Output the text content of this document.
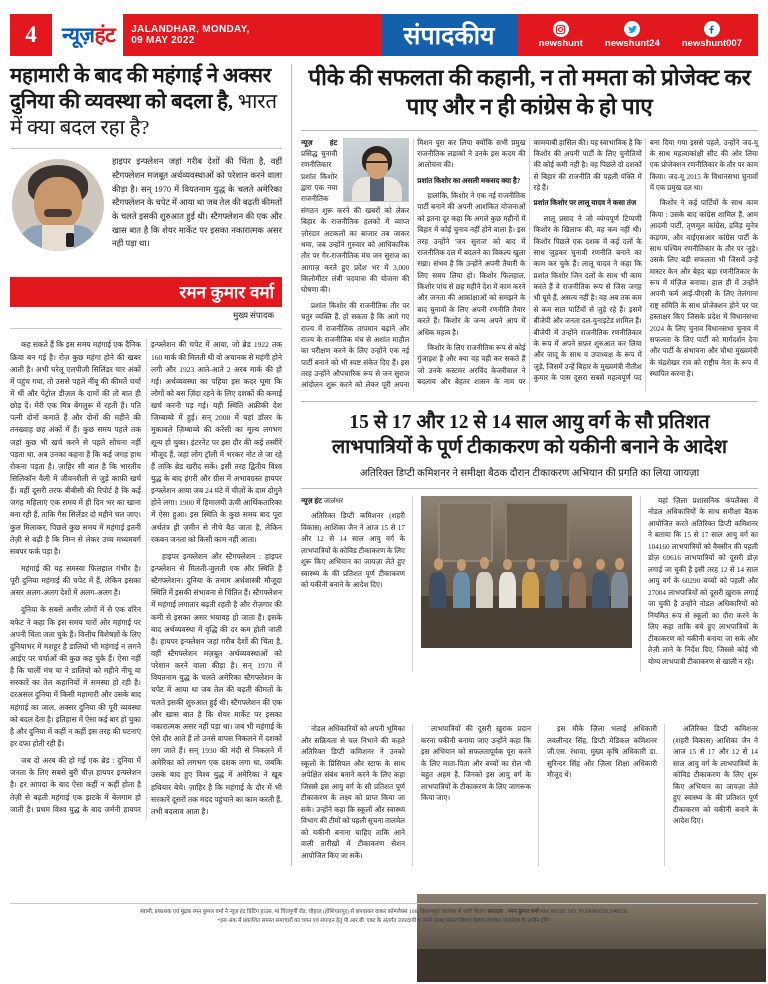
4	न्यूज़हंट JALANDHAR, MONDAY,
09 MAY 2022	संपादकीय	newshunt newshunt24 newshunt007
महामारी के बाद की महंगाई ने अक्सर दुनिया की व्यवस्था को बदला है, भारत में क्या बदल रहा है?
हाइपर इन्फ्लेशन जहां गरीब देशों की चिंता है, वहीं स्टैगफ्लेशन मजबूत अर्थव्यवस्थाओं को परेशान करने वाला कीड़ा है। सन् 1970 में वियतनाम युद्ध के चलते अमेरिका स्टैगफ्लेशन के चपेट में आया था जब तेल की बढ़ती कीमतों के चलते इसकी शुरुआत हुई थी। स्टैगफ्लेशन की एक और खास बात है कि शेयर मार्केट पर इसका नकारात्मक असर नहीं पड़ा था।
रमन कुमार वर्मा
मुख्य संपादक

कह सकते हैं कि इस समय महंगाई एक दैनिक क्रिया बन गई है। रोज़ कुछ महंगा होने की खबर आती है। अभी घरेलू एलपीजी सिलिंडर चार अंकों में पहुंच गया, तो उससे पहले नींबू की कीमतें चर्चा में थीं और पेट्रोल डीज़ल के दामों की तो बात ही छोड़ दें। मेरी एक मित्र बेंगलुरू में रहती हैं। पति पत्नी दोनों कमाते हैं और दोनों की महीने की तनख्वाह छह अंकों में हैं। कुछ समय पहले तक जहां कुछ भी खर्च करने से पहले सोचना नहीं पड़ता था, अब उनका कहना है कि कई जगह हाथ रोकना पड़ता है। ज़ाहिर सी बात है कि भारतीय सिलिकॉन वैली में जीवनशैली से जुड़े काफ़ी खर्च हैं। वहीं दूसरी तरफ बीबीसी की रिपोर्ट है कि कई जगह महिलाएं एक समय में ही दिन भर का खाना बना रही हैं, ताकि गैस सिलेंडर दो महीने चल जाए। कुल मिलाकर, पिछले कुछ समय में महंगाई इतनी तेज़ी से बढ़ी है कि निम्न से लेकर उच्च मध्यमवर्ग सबपर फर्क पड़ा है।

महंगाई की यह समस्या फिलहाल गंभीर है। पूरी दुनिया महंगाई की चपेट में हैं, लेकिन इसका असर अलग-अलग देशों में अलग-अलग है।

दुनिया के सबसे अमीर लोगों में से एक वॉरेन बफेट ने कहा कि इस समय चारों ओर महंगाई पर अपनी चिंता जता चुके हैं। वित्तीय विशेषज्ञों के लिए दुनियाभर में मशहूर है डालियो भी महंगाई न लगने आईए पर चर्चाओं की कुछ कह चुके हैं। ऐसा नहीं है कि चालीं मंच या ने डालियो को महीने नीचू या सरकारें का तेल कहानियों में समस्या हो रही है। दरअसल दुनिया में किसी महामारी और उसके बाद महंगाई का जाल, अक्सर दुनिया की पूरी व्यवस्था को बदल देता है। इतिहास में ऐसा कई बार हो चुका है और दुनिया में कहीं न कहीं इस तरह की घटनाएं हर दफा होती रही हैं।

जब दो अरब की हो गई एक ब्रेड : दुनिया में जनता के लिए सबसे बुरी चीज़ हायपर इन्फ्लेशन है। हर आपदा के बाद ऐसा कहीं न कहीं होता है तेज़ी से बढ़ती महंगाई एक झटके में बेलगाम हो जाती है। प्रथम विश्व युद्ध के बाद जर्मनी हायपर इन्फ्लेशन की चपेट में आया, जो ब्रेड 1922 तक 160 मार्क की मिलती थी वो अचानक से महंगी होने लगी और 1923 आते-आते 2 अरब मार्क की हो गई। अर्थव्यवस्था का पहिया इस कदर घूमा कि लोगों को बस ज़िंदा रहने के लिए दशकों की कमाई खर्च करनी पड़ गई। यही स्थिति अफ्रीकी देश जिम्बाब्वे में हुई। सन् 2008 में यहां डॉलर के मुकाबले ज़िम्बाब्वे की करेंसी का मूल्य लगभग शून्य हो चुका। इंटरनेट पर इस दौर की कई तस्वीरें मौजूद हैं, जहां लोग ट्रॉली में भरकर नोट ले जा रहे हैं ताकि ब्रेड खरीद सकें। इसी तरह द्वितीय विश्व युद्ध के बाद हंगरी और ग्रीस में अभावग्रस्त हायपर इन्फ्लेशन आया जब 24 घंटे में चीज़ों के दाम दोगुने होने लगा। 1900 में हिमालयी ऊंची आर्थिकतारिका में ऐसा हुआ। इस स्थिति के कुछ समय बाद पूरा अर्थतंत्र ही ज़मीन से नीचे बैठ जाता है, लेकिन रकबन जनता को किसी काम नहीं आता।

हाइपर इन्फ्लेशन और स्टैगफ्लेशन : हाइपर इन्फ्लेशन से मिलती-जुलती एक और स्थिति है स्टैगफ्लेशन। दुनिया के तमाम अर्थशास्त्री मौजूदा स्थिति में इसकी संभावना से चिंतित हैं। स्टैगफ्लेशन में महंगाई लगातार बढ़ती रहती है और रोज़गार की कमी से इसका असर भयावह हो जाता है। इसके बाद अर्थव्यवस्था में वृद्धि की दर कम होती जाती है। हायपर इन्फ्लेशन जहां गरीब देशों की चिंता है, वहीं स्टैगफ्लेशन मज़बूत अर्थव्यवस्थाओं को परेशान करने वाला कीड़ा है। सन् 1970 में वियतनाम युद्ध के चलते अमेरिका स्टैगफ्लेशन के चपेट में आया था जब तेल की बढ़ती कीमतों के चलते इसकी शुरुआत हुई थी। स्टैगफ्लेशन की एक और खास बात है कि शेयर मार्केट पर इसका नकारात्मक असर नहीं पड़ा था। जब भी महंगाई के ऐसे दौर आते हैं तो उनसे वापस निकलने में दशकों लग जाते हैं। सन् 1930 की मंदी से निकलने में अमेरिका को लगभग एक दशक लगा था, जबकि उसके बाद हुए विश्व युद्ध में अमेरिका ने खूब हथियार बेचे। ज़ाहिर है कि महंगाई के दौर में भी सरकारें दूसरों तक मदद पहुंचाने का काम करती हैं, तभी बदलाव आता है।

पीके की सफलता की कहानी, न तो ममता को प्रोजेक्ट कर पाए और न ही कांग्रेस के हो पाए

न्यूज़ हंट प्रसिद्ध चुनावी रणनीतिकार प्रशांत किशोर द्वारा एक नया राजनीतिक संगठन शुरू करने की खबरों को लेकर बिहार के राजनीतिक हलकों में व्याप्त ज़ोरदार अटकलों का बाजार तब जाकर थमा, जब उन्होंने गुरुवार को आधिकारिक तौर पर गैर-राजनीतिक मंच जन सुराज का आगाज़ करते हुए प्रदेश भर में 3,000 किलोमीटर लंबी पदयात्रा की योजना की घोषणा की।

प्रशांत किशोर की राजनीतिक तौर पर चतुर व्यक्ति हैं, हो सकता है कि आगे गए राज्य में राजनीतिक तापमान बढ़ाने और राज्य के राजनीतिक मंच से अशांत माहौल का परीक्षण करने के लिए उन्होंने एक नई पार्टी बनाने को भी स्पष्ट संकेत दिए हैं। इस तरह उन्होंने औपचारिक रूप से जन सुराज आंदोलन शुरू करने को लेकर पूरी अपना मिशन पूरा कर लिया क्योंकि सभी प्रमुख राजनीतिक लड़ाकों ने उनके इस कदम की आलोचना की।

प्रशांत किशोर का असली मकसद क्या है?

हालांकि, किशोर ने एक नई राजनीतिक पार्टी बनाने की अपनी आशंकित योजनाओं को इतना दूर कहा कि अगले कुछ महीनों में बिहार में कोई चुनाव नहीं होने वाला है। इस तरह उन्होंने 'जन सुराज' को बाद में राजनीतिक दल में बदलने का विकल्प खुला रखा। संभव है कि उन्होंने अपनी तैयारी के लिए समय लिया हो। किशोर फिलहाल, किशोर पांच से छह महीने देश में काम करने और जनता की आकांक्षाओं को समझने के बाद चुनावों के लिए अपनी रणनीति तैयार करते हैं। किशोर के जन्म अपने आप में अधिक महत्व है।

किशोर के लिए राजनीतिक रूप से कोई गुंजाइश है और क्या वह वही कर सकते हैं जो उनके कस्टमर अरविंद केजरीवाल ने बदलाव और बेहतर शासन के नाम पर कामयाबी हासिल की। यह स्वाभाविक है कि किशोर की अपनी पार्टी के लिए चुनौतियों की कोई कमी नहीं है। वह पिछले दो दशकों से बिहार की राजनीति की पहली पंक्ति में रहे हैं।

प्रशांत किशोर पर लालू यादव ने कसा तंज

लालू प्रसाद ने जो व्यंग्यपूर्ण टिप्पणी किशोर के खिलाफ की, वह कम नहीं थी। किशोर पिछले एक दशक में कई दलों के साथ जुड़कर चुनावी रणनीति बनाने का काम कर चुके हैं। लालू यादव ने कहा कि प्रशांत किशोर जिन दलों के साथ भी काम करते हैं वे राजनीतिक रूप से जिस जगह भी घूमे हैं, असत्य नहीं है। वह अब तक कम से कम सात पार्टियों से जुड़े रहे हैं। इसमें बीजेपी और जनता दल-युनाइटेड शामिल हैं। बीजेपी में उन्होंने राजनीतिक रणनीतिकार के रूप में अपने सफ़र शुरुआत कर लिया और जादू के साथ व उपाध्यक्ष के रूप में जुड़े, जिसमें उन्हें बिहार के मुख्यमंत्री नीतीश कुमार के पास दूसरा सबसे महत्वपूर्ण पद बना दिया गया इससे पहले, उन्होंने जद-यू के साथ महत्वाकांक्षी सीट की ओर लिया एक प्रोजेक्शन रणनीतिकार के तौर पर काम किया। जद-यू 2015 के विधानसभा चुनावों में एक प्रमुख दल था।

किशोर ने कई पार्टियों के साथ काम किया : उसके बाद कांग्रेस शामिल हैं, आम आदमी पार्टी, तृणमूल कांग्रेस, द्रविड़ मुनेत्र कड़गम, और वाईएसआर कांग्रेस पार्टी के साथ पश्चिम रणनीतिकार के तौर पर जुड़े। उसके लिए बड़ी सफलता भी जिसमें उन्हें मास्टर केन और बेहद बड़ा रणनीतिकार के रूप में मंज़िल बनाया। हाल ही में उन्होंने अपनी फर्म आई-पीएसी के लिए तेलंगाना राष्ट्र समिति के साथ प्रोजेक्शन होने पर पर हस्ताक्षर किए जिसके प्रदेश में विधानसभा 2024 के लिए चुनाव विधानसभा चुनाव में सफलता के लिए पार्टी को मार्गदर्शन देना और पार्टी के संभावना और चौथा मुख्यमंत्री के चंद्रशेखर राव को राष्ट्रीय नेता के रूप में स्थापित करना है।

15 से 17 और 12 से 14 साल आयु वर्ग के सौ प्रतिशत लाभपात्रियों के पूर्ण टीकाकरण को यकीनी बनाने के आदेश
अतिरिक्त डिप्टी कमिशनर ने समीक्षा बैठक दौरान टीकाकरण अभियान की प्रगति का लिया जायज़ा

न्यूज़ हंट जालंधर

अतिरिक्त डिप्टी कमिशनर (शहरी विकास) आशिका जैन ने आज 15 से 17 और 12 से 14 साल आयु वर्ग के लाभपात्रियों के कोविड टीकाकरण के लिए शुरू किए अभियान का जायज़ा लेते हुए स्वास्थ्य के की प्रतिशत पूर्ण टीकाकरण को यकीनी बनाने के आदेश दिए।

यहां ज़िला प्रशासनिक कंपलैक्स में नोडल अधिकारियों के साथ समीक्षा बैठक आयोजित करते अतिरिक्त डिप्टी कमिशनर ने बताया कि 15 से 17 साल आयु वर्ग का 104160 लाभपात्रियों को वैक्सीन की पहली डोज़ 69616 लाभपात्रियों को दूसरी डोज़ लगाई जा चुकी है इसी तरह 12 से 14 साल आयु वर्ग के 60290 बच्चों को पहली और 27004 लाभपात्रियों को दूसरी ख़ुराक लगाई जा चुकी है उन्होंने नोडल अधिकारियों को नियमित रूप से स्कूलों का दौरा करने के लिए कहा ताकि बचे हुए लाभपात्रियों के टीकाकरण को यकीनी बनाया जा सके और तेज़ी लाने के निर्देश दिए, जिससे कोई भी योग्य लाभपात्री टीकाकरण से खाली न रहे।

नोडल अधिकारियों को अपनी भूमिका और सक्रियता से चल निभाने की कहते अतिरिक्त डिप्टी कमिशनर ने उनको स्कूलों के प्रिंसिपल और स्टाफ के साथ अपेक्षित संबंध बनाने करने के लिए कहा जिससे इस आयु वर्ग के सौ प्रतिशत पूर्ण टीकाकरण के लक्ष्य को प्राप्त किया जा सके। उन्होंने कहा कि स्कूलों और स्वास्थ्य विभाग की टीमों को पहली सूचना तालमेल को यकीनी बनाना चाहिए ताकि आने वाली तारीख़ों में टीकाकरण सेशन आयोजित किए जा सकें।

लाभपात्रियों की दूसरी ख़ुराक प्रदान करना यकीनी बनाया जाए उन्होंने कहा कि इस अभियान को सफलतापूर्वक पूरा करने के लिए माता-पिता और बच्चों का रोल भी बहुत अहम है, जिनको इस आयु वर्ग के लाभपात्रियों के टीकाकरण के लिए जागरूक किया जाए।

इस मौके ज़िला भलाई अधिकारी लवलीन्दर सिंह, डिप्टी मेडिकल कमिशनर जी.एस. रंधावा, मुख्य कृषि अधिकारी डा. सुरिन्दर सिंह और ज़िला शिक्षा अधिकारी मौजूद थे।

अतिरिक्त डिप्टी कमिशनर (शहरी विकास) आशिका जैन ने आज 15 से 17 और 12 से 14 साल आयु वर्ग के लाभपात्रियों के कोविड टीकाकरण के लिए शुरू किए अभियान का जायज़ा लेते हुए स्वास्थ्य के की प्रतिशत पूर्ण टीकाकरण को यकीनी बनाने के आदेश दिए।

स्वामी, प्रकाशक एवं मुद्रक रमन कुमार वर्मा ने न्यूज़ हंट प्रिंटिंग हाउस, मां चिंतपूर्णी रोड, चौहाल (होशियारपुर) से छपवाकर वाकर कॉम्प्लैक्स 106, किशनपुरा जालंधर से जारी किया। संपादक : रमन कुमार वर्मा RNI REGD. NO. PUNHIN/2013/48236
*इस अंक में प्रकाशित समस्त समाचारों का चयन एवं संपादन हेतु पी.आर.बी. एक्ट के अंतर्गत उत्तरदायी व उनसे उत्पन्न समस्त विवाद केवल जालंधर न्यायालय के अधीन होंगे।
